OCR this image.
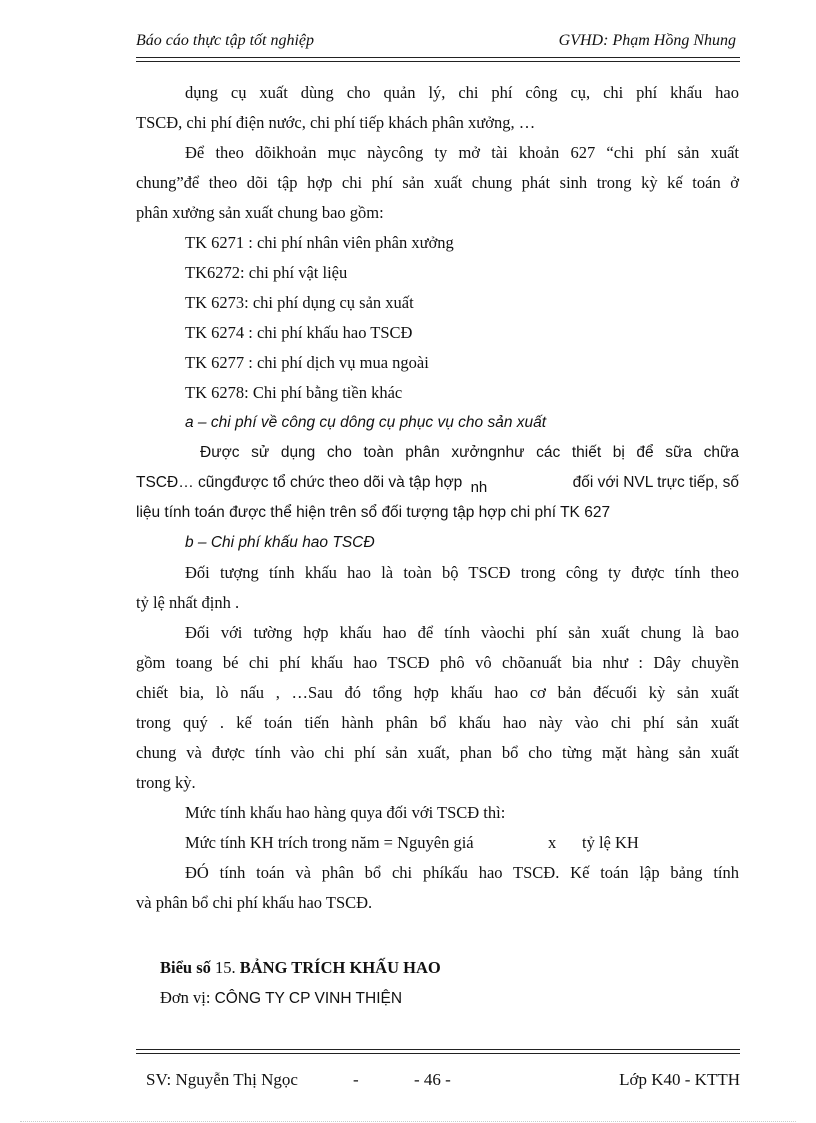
Báo cáo thực tập tốt nghiệp	GVHD: Phạm Hồng Nhung
dụng cụ xuất dùng cho quản lý, chi phí công cụ, chi phí khấu hao
TSCĐ, chi phí điện nước, chi phí tiếp khách phân xưởng, …
Để theo dõikhoản mục nàycông ty mở tài khoản 627 “chi phí sản xuất
chung”để theo dõi tập hợp chi phí sản xuất chung phát sinh trong kỳ kế toán ở
phân xưởng sản xuất chung bao gồm:
TK 6271 : chi phí nhân viên phân xưởng
TK6272: chi phí vật liệu
TK 6273: chi phí dụng cụ sản xuất
TK 6274 : chi phí khấu hao TSCĐ
TK 6277 : chi phí dịch vụ mua ngoài
TK 6278: Chi phí bằng tiền khác
a – chi phí về công cụ dông cụ phục vụ cho sản xuất
Được sử dụng cho toàn phân xưởngnhư các thiết bị để sữa chữa
TSCĐ… cũngđược tổ chức theo dõi và tập hợp nh	đối với NVL trực tiếp, số
liệu tính toán được thể hiện trên sổ đối tượng tập hợp chi phí TK 627
b – Chi phí khấu hao TSCĐ
Đối tượng tính khấu hao là toàn bộ TSCĐ trong công ty được tính theo
tỷ lệ nhất định .
Đối với tường hợp khấu hao để tính vàochi phí sản xuất chung là bao
gồm toang bé chi phí khấu hao TSCĐ phô vô chõanuất bia như : Dây chuyền
chiết bia, lò nấu , …Sau đó tổng hợp khấu hao cơ bản đếcuối kỳ sản xuất
trong quý . kế toán tiến hành phân bổ khấu hao này vào chi phí sản xuất
chung và được tính vào chi phí sản xuất, phan bổ cho từng mặt hàng sản xuất
trong kỳ.
Mức tính khấu hao hàng quya đối với TSCĐ thì:
Mức tính KH trích trong năm = Nguyên giá	x tỷ lệ KH
ĐÓ tính toán và phân bổ chi phíkấu hao TSCĐ. Kế toán lập bảng tính
và phân bổ chi phí khấu hao TSCĐ.
Biểu số 15. BẢNG TRÍCH KHẤU HAO
Đơn vị: CÔNG TY CP VINH THIỆN
SV: Nguyễn Thị Ngọc	-	- 46 -	Lớp K40 - KTTH
